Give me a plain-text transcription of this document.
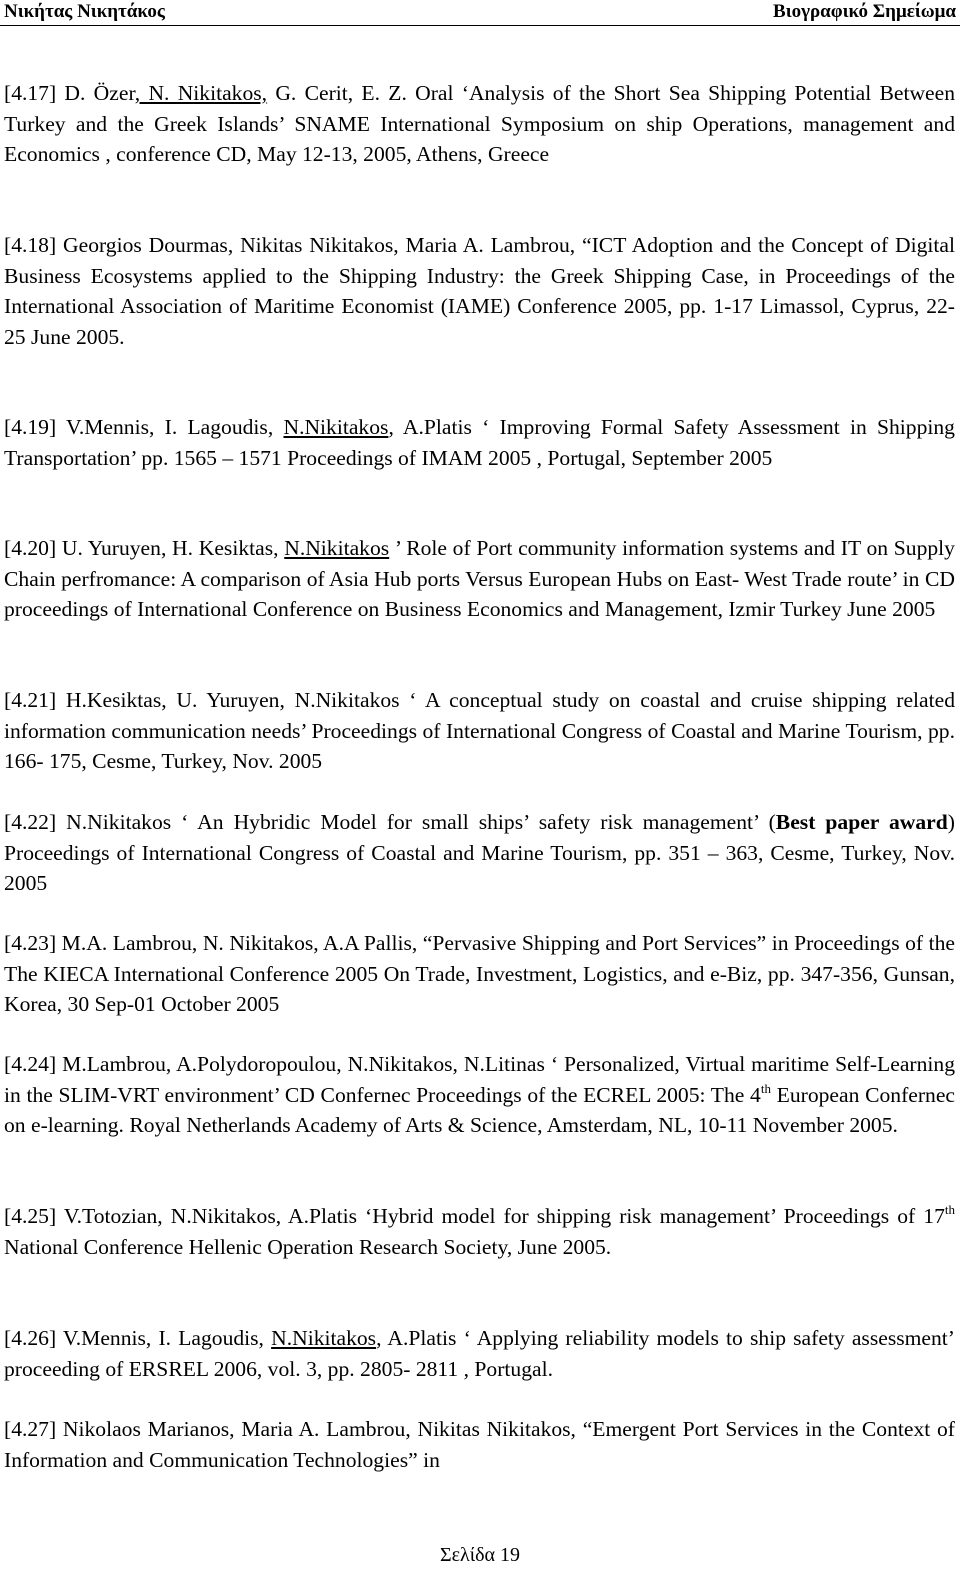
Νικήτας Νικητάκος	Βιογραφικό Σημείωμα

[4.17] D. Özer, N. Nikitakos, G. Cerit, E. Z. Oral ‘Analysis of the Short Sea Shipping Potential Between Turkey and the Greek Islands’ SNAME International Symposium on ship Operations, management and Economics , conference CD, May 12-13, 2005, Athens, Greece

[4.18] Georgios Dourmas, Nikitas Nikitakos, Maria A. Lambrou, “ICT Adoption and the Concept of Digital Business Ecosystems applied to the Shipping Industry: the Greek Shipping Case, in Proceedings of the International Association of Maritime Economist (IAME) Conference 2005, pp. 1-17 Limassol, Cyprus, 22-25 June 2005.

[4.19] V.Mennis, I. Lagoudis, N.Nikitakos, A.Platis ‘ Improving Formal Safety Assessment in Shipping Transportation’ pp. 1565 – 1571 Proceedings of IMAM 2005 , Portugal, September 2005

[4.20] U. Yuruyen, H. Kesiktas, N.Nikitakos ’ Role of Port community information systems and IT on Supply Chain perfromance: A comparison of Asia Hub ports Versus European Hubs on East- West Trade route’ in CD proceedings of International Conference on Business Economics and Management, Izmir Turkey June 2005

[4.21] H.Kesiktas, U. Yuruyen, N.Nikitakos ‘ A conceptual study on coastal and cruise shipping related information communication needs’ Proceedings of International Congress of Coastal and Marine Tourism, pp. 166- 175, Cesme, Turkey, Nov. 2005

[4.22] N.Nikitakos ‘ An Hybridic Model for small ships’ safety risk management’ (Best paper award) Proceedings of International Congress of Coastal and Marine Tourism, pp. 351 – 363, Cesme, Turkey, Nov. 2005

[4.23] M.A. Lambrou, N. Nikitakos, A.A Pallis, “Pervasive Shipping and Port Services” in Proceedings of the The KIECA International Conference 2005 On Trade, Investment, Logistics, and e-Biz, pp. 347-356, Gunsan, Korea, 30 Sep-01 October 2005

[4.24] M.Lambrou, A.Polydoropoulou, N.Nikitakos, N.Litinas ‘ Personalized, Virtual maritime Self-Learning in the SLIM-VRT environment’ CD Confernec Proceedings of the ECREL 2005: The 4th European Confernec on e-learning. Royal Netherlands Academy of Arts & Science, Amsterdam, NL, 10-11 November 2005.

[4.25] V.Totozian, N.Nikitakos, A.Platis ‘Hybrid model for shipping risk management’ Proceedings of 17th National Conference Hellenic Operation Research Society, June 2005.

[4.26] V.Mennis, I. Lagoudis, N.Nikitakos, A.Platis ‘ Applying reliability models to ship safety assessment’ proceeding of ERSREL 2006, vol. 3, pp. 2805- 2811 , Portugal.

[4.27] Nikolaos Marianos, Maria A. Lambrou, Nikitas Nikitakos, “Emergent Port Services in the Context of Information and Communication Technologies” in

Σελίδα 19
